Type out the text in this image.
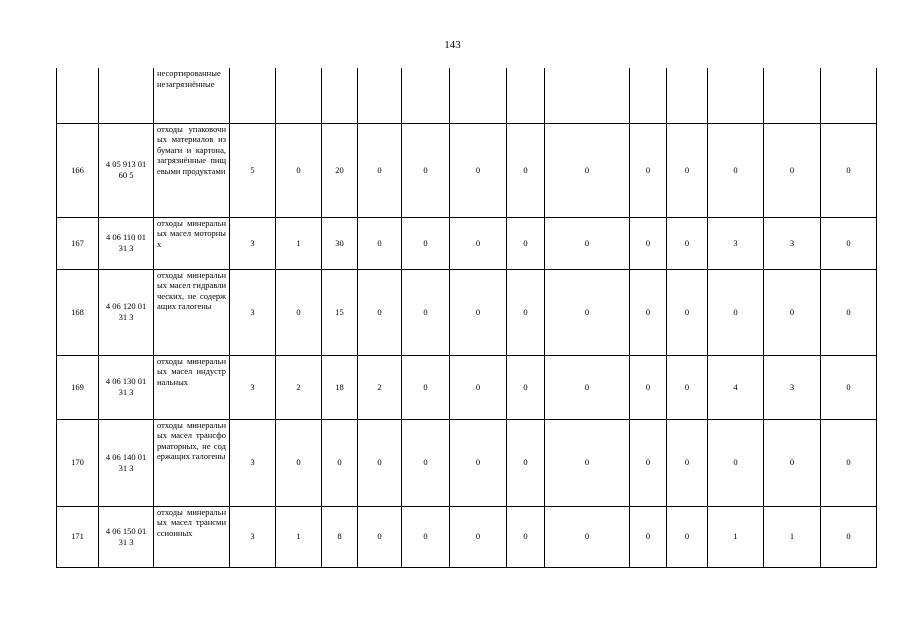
143
		несортированные незагрязнённые														
166	4 05 913 01 60 5	отходы упаковочных материалов из бумаги и картона, загрязнённые пищевыми продуктами	5	0	20	0	0	0	0	0	0	0	0	0	0	
167	4 06 110 01 31 3	отходы минеральных масел моторных	3	1	30	0	0	0	0	0	0	0	3	3	0	
168	4 06 120 01 31 3	отходы минеральных масел гидравлических, не содержащих галогены	3	0	15	0	0	0	0	0	0	0	0	0	0	
169	4 06 130 01 31 3	отходы минеральных масел индустриальных	3	2	18	2	0	0	0	0	0	0	4	3	0	
170	4 06 140 01 31 3	отходы минеральных масел трансформаторных, не содержащих галогены	3	0	0	0	0	0	0	0	0	0	0	0	0	
171	4 06 150 01 31 3	отходы минеральных масел трансмиссионных	3	1	8	0	0	0	0	0	0	0	1	1	0	
